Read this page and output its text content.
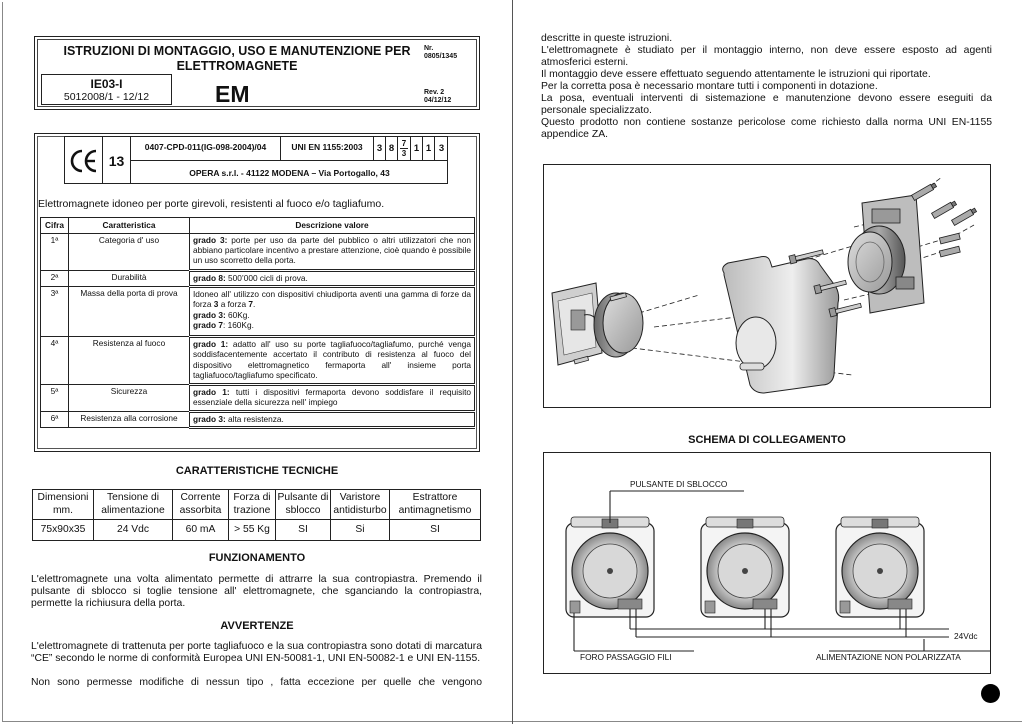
ISTRUZIONI DI MONTAGGIO, USO E MANUTENZIONE PER ELETTROMAGNETE
Nr.
0805/1345
IE03-I
5012008/1 - 12/12	EM	Rev. 2
04/12/12
13
0407-CPD-011(IG-098-2004)/04	UNI EN 1155:2003	3 8 7
3 1 1 3
OPERA s.r.l. - 41122 MODENA – Via Portogallo, 43
Elettromagnete idoneo per porte girevoli, resistenti al fuoco e/o tagliafumo.
Cifra	Caratteristica	Descrizione valore
1ª	Categoria d' uso	grado 3: porte per uso da parte del pubblico o altri utilizzatori che non abbiano particolare incentivo a prestare attenzione, cioè quando è possibile un uso scorretto della porta.
2ª	Durabilità	grado 8: 500’000 cicli di prova.
3ª	Massa della porta di prova	Idoneo all' utilizzo con dispositivi chiudiporta aventi una gamma di forze da forza 3 a forza 7.
grado 3: 60Kg.
grado 7: 160Kg.
4ª	Resistenza al fuoco	grado 1: adatto all' uso su porte tagliafuoco/tagliafumo, purché venga soddisfacentemente accertato il contributo di resistenza al fuoco del dispositivo elettromagnetico fermaporta all' insieme porta tagliafuoco/tagliafumo specificato.
5ª	Sicurezza	grado 1: tutti i dispositivi fermaporta devono soddisfare il requisito essenziale della sicurezza nell' impiego
6ª	Resistenza alla corrosione	grado 3: alta resistenza.
CARATTERISTICHE TECNICHE
Dimensioni mm.	Tensione di alimentazione	Corrente assorbita	Forza di trazione	Pulsante di sblocco	Varistore antidisturbo	Estrattore antimagnetismo
75x90x35	24 Vdc	60 mA	> 55 Kg	SI	Si	SI
FUNZIONAMENTO
L'elettromagnete una volta alimentato permette di attrarre la sua contropiastra. Premendo il pulsante di sblocco si toglie tensione all' elettromagnete, che sganciando la contropiastra, permette la richiusura della porta.
AVVERTENZE
L'elettromagnete di trattenuta per porte tagliafuoco e la sua contropiastra sono dotati di marcatura “CE” secondo le norme di conformità Europea UNI EN-50081-1, UNI EN-50082-1 e UNI EN-1155.
Non sono permesse modifiche di nessun tipo , fatta eccezione per quelle che vengono
descritte in queste istruzioni.
L'elettromagnete è studiato per il montaggio interno, non deve essere esposto ad agenti atmosferici esterni.
Il montaggio deve essere effettuato seguendo attentamente le istruzioni qui riportate.
Per la corretta posa è necessario montare tutti i componenti in dotazione.
La posa, eventuali interventi di sistemazione e manutenzione devono essere eseguiti da personale specializzato.
Questo prodotto non contiene sostanze pericolose come richiesto dalla norma UNI EN-1155 appendice ZA.
SCHEMA DI COLLEGAMENTO
PULSANTE DI SBLOCCO
24Vdc
FORO PASSAGGIO FILI	ALIMENTAZIONE NON POLARIZZATA
